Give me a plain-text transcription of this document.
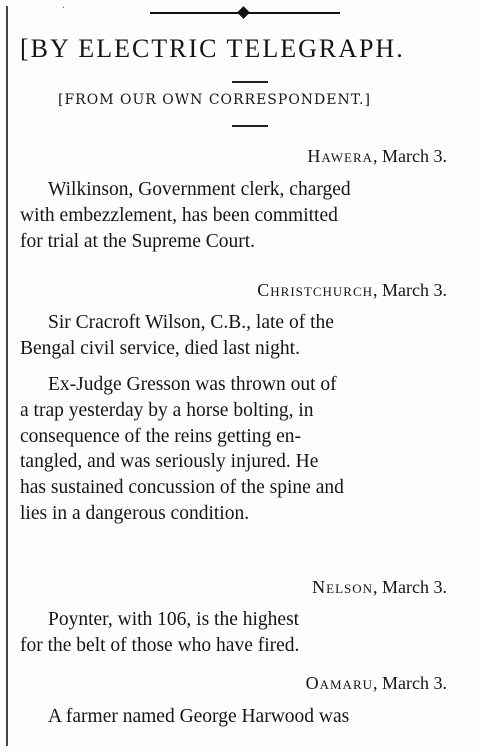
·
[BY ELECTRIC TELEGRAPH.
[FROM OUR OWN CORRESPONDENT.]
Hawera, March 3.
Wilkinson, Government clerk, charged
with embezzlement, has been committed
for trial at the Supreme Court.
Christchurch, March 3.
Sir Cracroft Wilson, C.B., late of the
Bengal civil service, died last night.
Ex-Judge Gresson was thrown out of
a trap yesterday by a horse bolting, in
consequence of the reins getting en-
tangled, and was seriously injured. He
has sustained concussion of the spine and
lies in a dangerous condition.
Nelson, March 3.
Poynter, with 106, is the highest
for the belt of those who have fired.
Oamaru, March 3.
A farmer named George Harwood was
